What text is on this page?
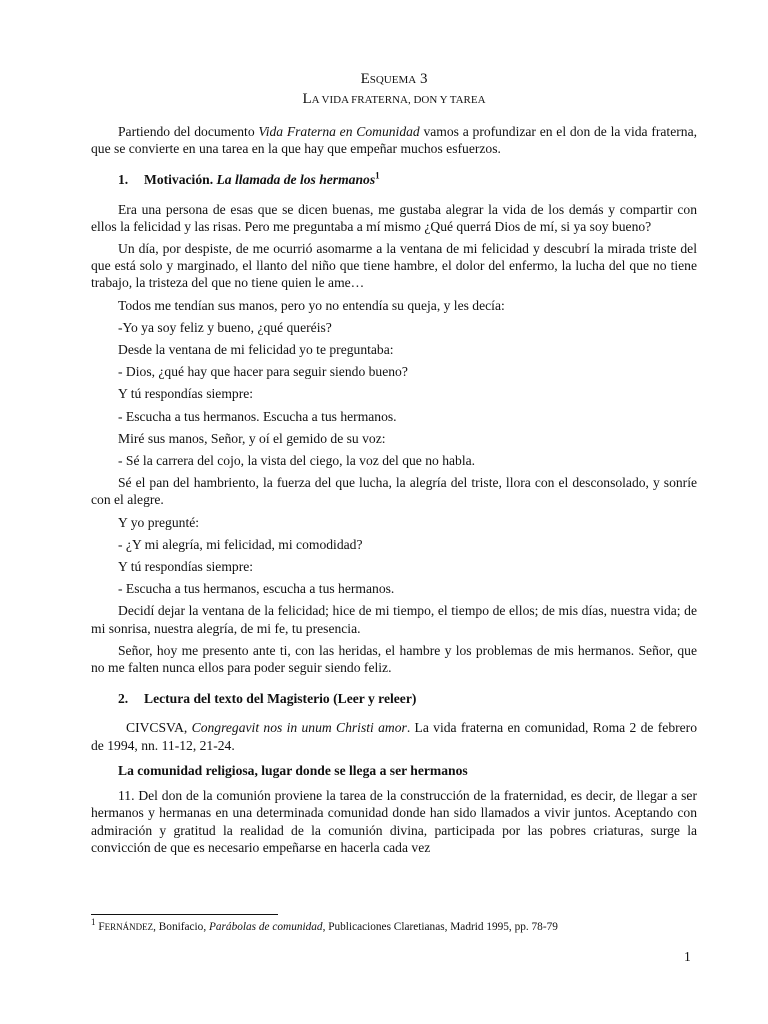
ESQUEMA 3
LA VIDA FRATERNA, DON Y TAREA

Partiendo del documento Vida Fraterna en Comunidad vamos a profundizar en el don de la vida fraterna, que se convierte en una tarea en la que hay que empeñar muchos esfuerzos.

1. Motivación. La llamada de los hermanos$^1$

Era una persona de esas que se dicen buenas, me gustaba alegrar la vida de los demás y compartir con ellos la felicidad y las risas. Pero me preguntaba a mí mismo ¿Qué querrá Dios de mí, si ya soy bueno?

Un día, por despiste, de me ocurrió asomarme a la ventana de mi felicidad y descubrí la mirada triste del que está solo y marginado, el llanto del niño que tiene hambre, el dolor del enfermo, la lucha del que no tiene trabajo, la tristeza del que no tiene quien le ame…

Todos me tendían sus manos, pero yo no entendía su queja, y les decía:

-Yo ya soy feliz y bueno, ¿qué queréis?

Desde la ventana de mi felicidad yo te preguntaba:

- Dios, ¿qué hay que hacer para seguir siendo bueno?

Y tú respondías siempre:

- Escucha a tus hermanos. Escucha a tus hermanos.

Miré sus manos, Señor, y oí el gemido de su voz:

- Sé la carrera del cojo, la vista del ciego, la voz del que no habla.

Sé el pan del hambriento, la fuerza del que lucha, la alegría del triste, llora con el desconsolado, y sonríe con el alegre.

Y yo pregunté:

- ¿Y mi alegría, mi felicidad, mi comodidad?

Y tú respondías siempre:

- Escucha a tus hermanos, escucha a tus hermanos.

Decidí dejar la ventana de la felicidad; hice de mi tiempo, el tiempo de ellos; de mis días, nuestra vida; de mi sonrisa, nuestra alegría, de mi fe, tu presencia.

Señor, hoy me presento ante ti, con las heridas, el hambre y los problemas de mis hermanos. Señor, que no me falten nunca ellos para poder seguir siendo feliz.

2. Lectura del texto del Magisterio (Leer y releer)

CIVCSVA, Congregavit nos in unum Christi amor. La vida fraterna en comunidad, Roma 2 de febrero de 1994, nn. 11-12, 21-24.

La comunidad religiosa, lugar donde se llega a ser hermanos

11. Del don de la comunión proviene la tarea de la construcción de la fraternidad, es decir, de llegar a ser hermanos y hermanas en una determinada comunidad donde han sido llamados a vivir juntos. Aceptando con admiración y gratitud la realidad de la comunión divina, participada por las pobres criaturas, surge la convicción de que es necesario empeñarse en hacerla cada vez

$^1$ FERNÁNDEZ, Bonifacio, Parábolas de comunidad, Publicaciones Claretianas, Madrid 1995, pp. 78-79
1
